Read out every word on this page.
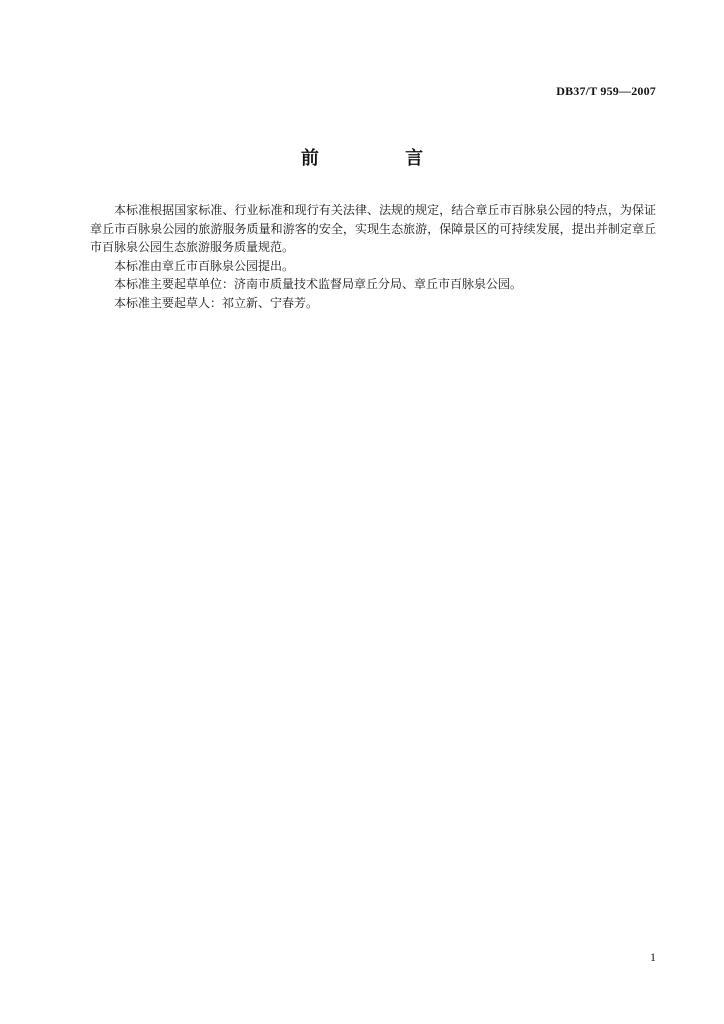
DB37/T 959—2007
前 言

本标准根据国家标准、行业标准和现行有关法律、法规的规定，结合章丘市百脉泉公园的特点，为保证章丘市百脉泉公园的旅游服务质量和游客的安全，实现生态旅游，保障景区的可持续发展，提出并制定章丘市百脉泉公园生态旅游服务质量规范。

本标准由章丘市百脉泉公园提出。

本标准主要起草单位：济南市质量技术监督局章丘分局、章丘市百脉泉公园。

本标准主要起草人：祁立新、宁春芳。

1
